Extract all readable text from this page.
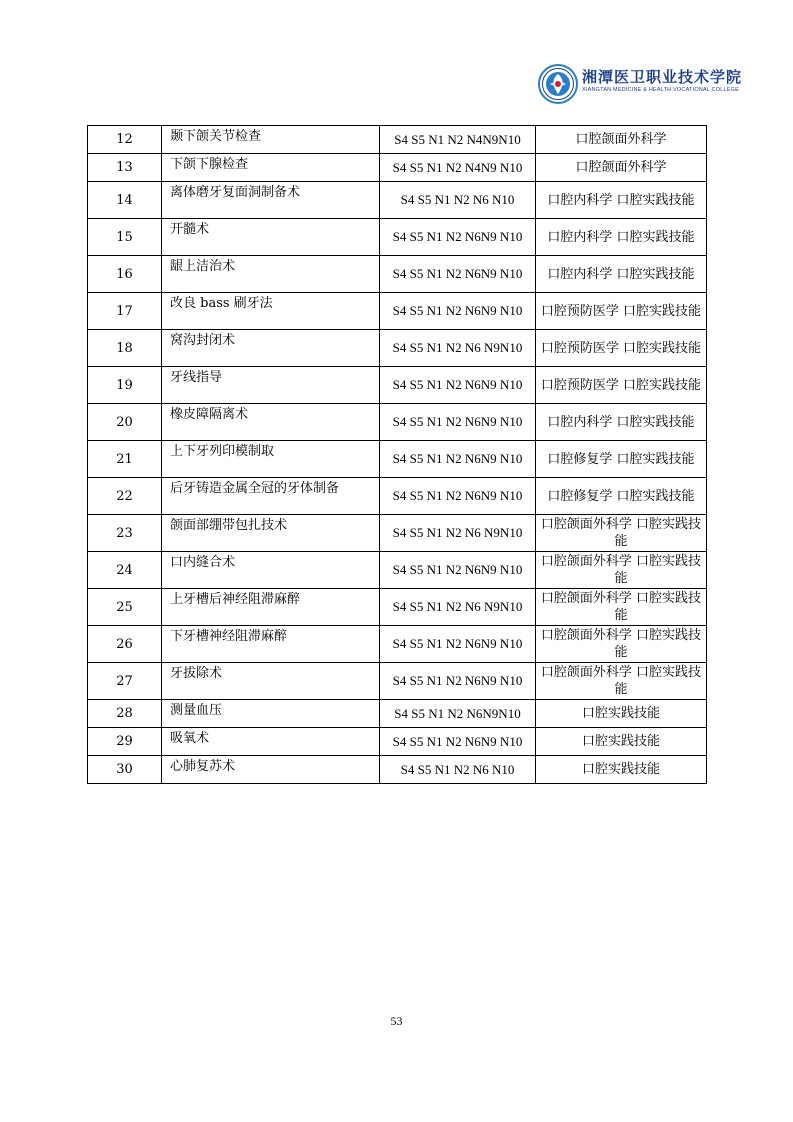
湘潭医卫职业技术学院
XIANGTAN MEDICINE & HEALTH VOCATIONAL COLLEGE
12	颞下颌关节检查	S4 S5 N1 N2 N4N9N10	口腔颌面外科学
13	下颌下腺检查	S4 S5 N1 N2 N4N9 N10	口腔颌面外科学
14	离体磨牙复面洞制备术	S4 S5 N1 N2 N6 N10	口腔内科学 口腔实践技能
15	开髓术	S4 S5 N1 N2 N6N9 N10	口腔内科学 口腔实践技能
16	龈上洁治术	S4 S5 N1 N2 N6N9 N10	口腔内科学 口腔实践技能
17	改良 bass 刷牙法	S4 S5 N1 N2 N6N9 N10	口腔预防医学 口腔实践技能
18	窝沟封闭术	S4 S5 N1 N2 N6 N9N10	口腔预防医学 口腔实践技能
19	牙线指导	S4 S5 N1 N2 N6N9 N10	口腔预防医学 口腔实践技能
20	橡皮障隔离术	S4 S5 N1 N2 N6N9 N10	口腔内科学 口腔实践技能
21	上下牙列印模制取	S4 S5 N1 N2 N6N9 N10	口腔修复学 口腔实践技能
22	后牙铸造金属全冠的牙体制备	S4 S5 N1 N2 N6N9 N10	口腔修复学 口腔实践技能
23	颌面部绷带包扎技术	S4 S5 N1 N2 N6 N9N10	口腔颌面外科学 口腔实践技能
24	口内缝合术	S4 S5 N1 N2 N6N9 N10	口腔颌面外科学 口腔实践技能
25	上牙槽后神经阻滞麻醉	S4 S5 N1 N2 N6 N9N10	口腔颌面外科学 口腔实践技能
26	下牙槽神经阻滞麻醉	S4 S5 N1 N2 N6N9 N10	口腔颌面外科学 口腔实践技能
27	牙拔除术	S4 S5 N1 N2 N6N9 N10	口腔颌面外科学 口腔实践技能
28	测量血压	S4 S5 N1 N2 N6N9N10	口腔实践技能
29	吸氧术	S4 S5 N1 N2 N6N9 N10	口腔实践技能
30	心肺复苏术	S4 S5 N1 N2 N6 N10	口腔实践技能
53
